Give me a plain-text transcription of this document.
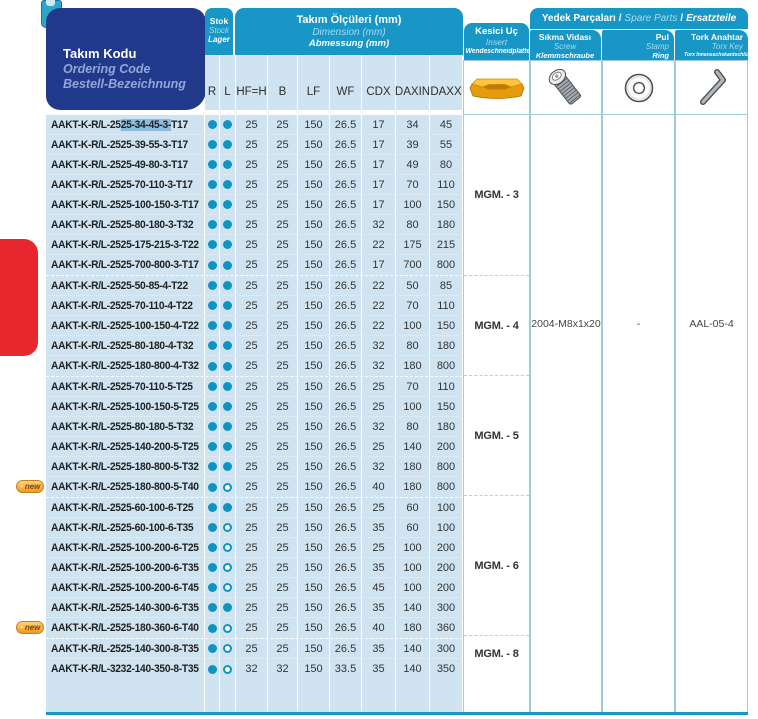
Takım Kodu
Ordering Code
Bestell-Bezeichnung
Stok
Stock
Lager
Takım Ölçüleri (mm)
Dimension (mm)
Abmessung (mm)
R L HF=H	B	LF	WF	CDX DAXIN DAXX
Yedek Parçaları / Spare Parts / Ersatzteile
Kesici Uç
Insert
Wendeschneidplatte
Sıkma Vidası
Screw
Klemmschraube
Pul
Stamp
Ring
Tork Anahtar
Torx Key
Torx Innensechskantschlüssel
AAKT-K-R/L-2525-34-45-3-T17	25	25	150	26.5	17	34	45
AAKT-K-R/L-2525-39-55-3-T17	25	25	150	26.5	17	39	55
AAKT-K-R/L-2525-49-80-3-T17	25	25	150	26.5	17	49	80
AAKT-K-R/L-2525-70-110-3-T17	25	25	150	26.5	17	70	110
AAKT-K-R/L-2525-100-150-3-T17	25	25	150	26.5	17	100	150
AAKT-K-R/L-2525-80-180-3-T32	25	25	150	26.5	32	80	180
AAKT-K-R/L-2525-175-215-3-T22	25	25	150	26.5	22	175	215
AAKT-K-R/L-2525-700-800-3-T17	25	25	150	26.5	17	700	800
AAKT-K-R/L-2525-50-85-4-T22	25	25	150	26.5	22	50	85
AAKT-K-R/L-2525-70-110-4-T22	25	25	150	26.5	22	70	110
AAKT-K-R/L-2525-100-150-4-T22	25	25	150	26.5	22	100	150
AAKT-K-R/L-2525-80-180-4-T32	25	25	150	26.5	32	80	180
AAKT-K-R/L-2525-180-800-4-T32	25	25	150	26.5	32	180	800
AAKT-K-R/L-2525-70-110-5-T25	25	25	150	26.5	25	70	110
AAKT-K-R/L-2525-100-150-5-T25	25	25	150	26.5	25	100	150
AAKT-K-R/L-2525-80-180-5-T32	25	25	150	26.5	32	80	180
AAKT-K-R/L-2525-140-200-5-T25	25	25	150	26.5	25	140	200
AAKT-K-R/L-2525-180-800-5-T32	25	25	150	26.5	32	180	800
✦ new AAKT-K-R/L-2525-180-800-5-T40	25	25	150	26.5	40	180	800
AAKT-K-R/L-2525-60-100-6-T25	25	25	150	26.5	25	60	100
AAKT-K-R/L-2525-60-100-6-T35	25	25	150	26.5	35	60	100
AAKT-K-R/L-2525-100-200-6-T25	25	25	150	26.5	25	100	200
AAKT-K-R/L-2525-100-200-6-T35	25	25	150	26.5	35	100	200
AAKT-K-R/L-2525-100-200-6-T45	25	25	150	26.5	45	100	200
AAKT-K-R/L-2525-140-300-6-T35	25	25	150	26.5	35	140	300
✦ new AAKT-K-R/L-2525-180-360-6-T40	25	25	150	26.5	40	180	360
AAKT-K-R/L-2525-140-300-8-T35	25	25	150	26.5	35	140	300
AAKT-K-R/L-3232-140-350-8-T35	32	32	150	33.5	35	140	350
MGM. - 3
MGM. - 4
MGM. - 5
MGM. - 6
MGM. - 8
2004-M8x1x20	-	AAL-05-4
